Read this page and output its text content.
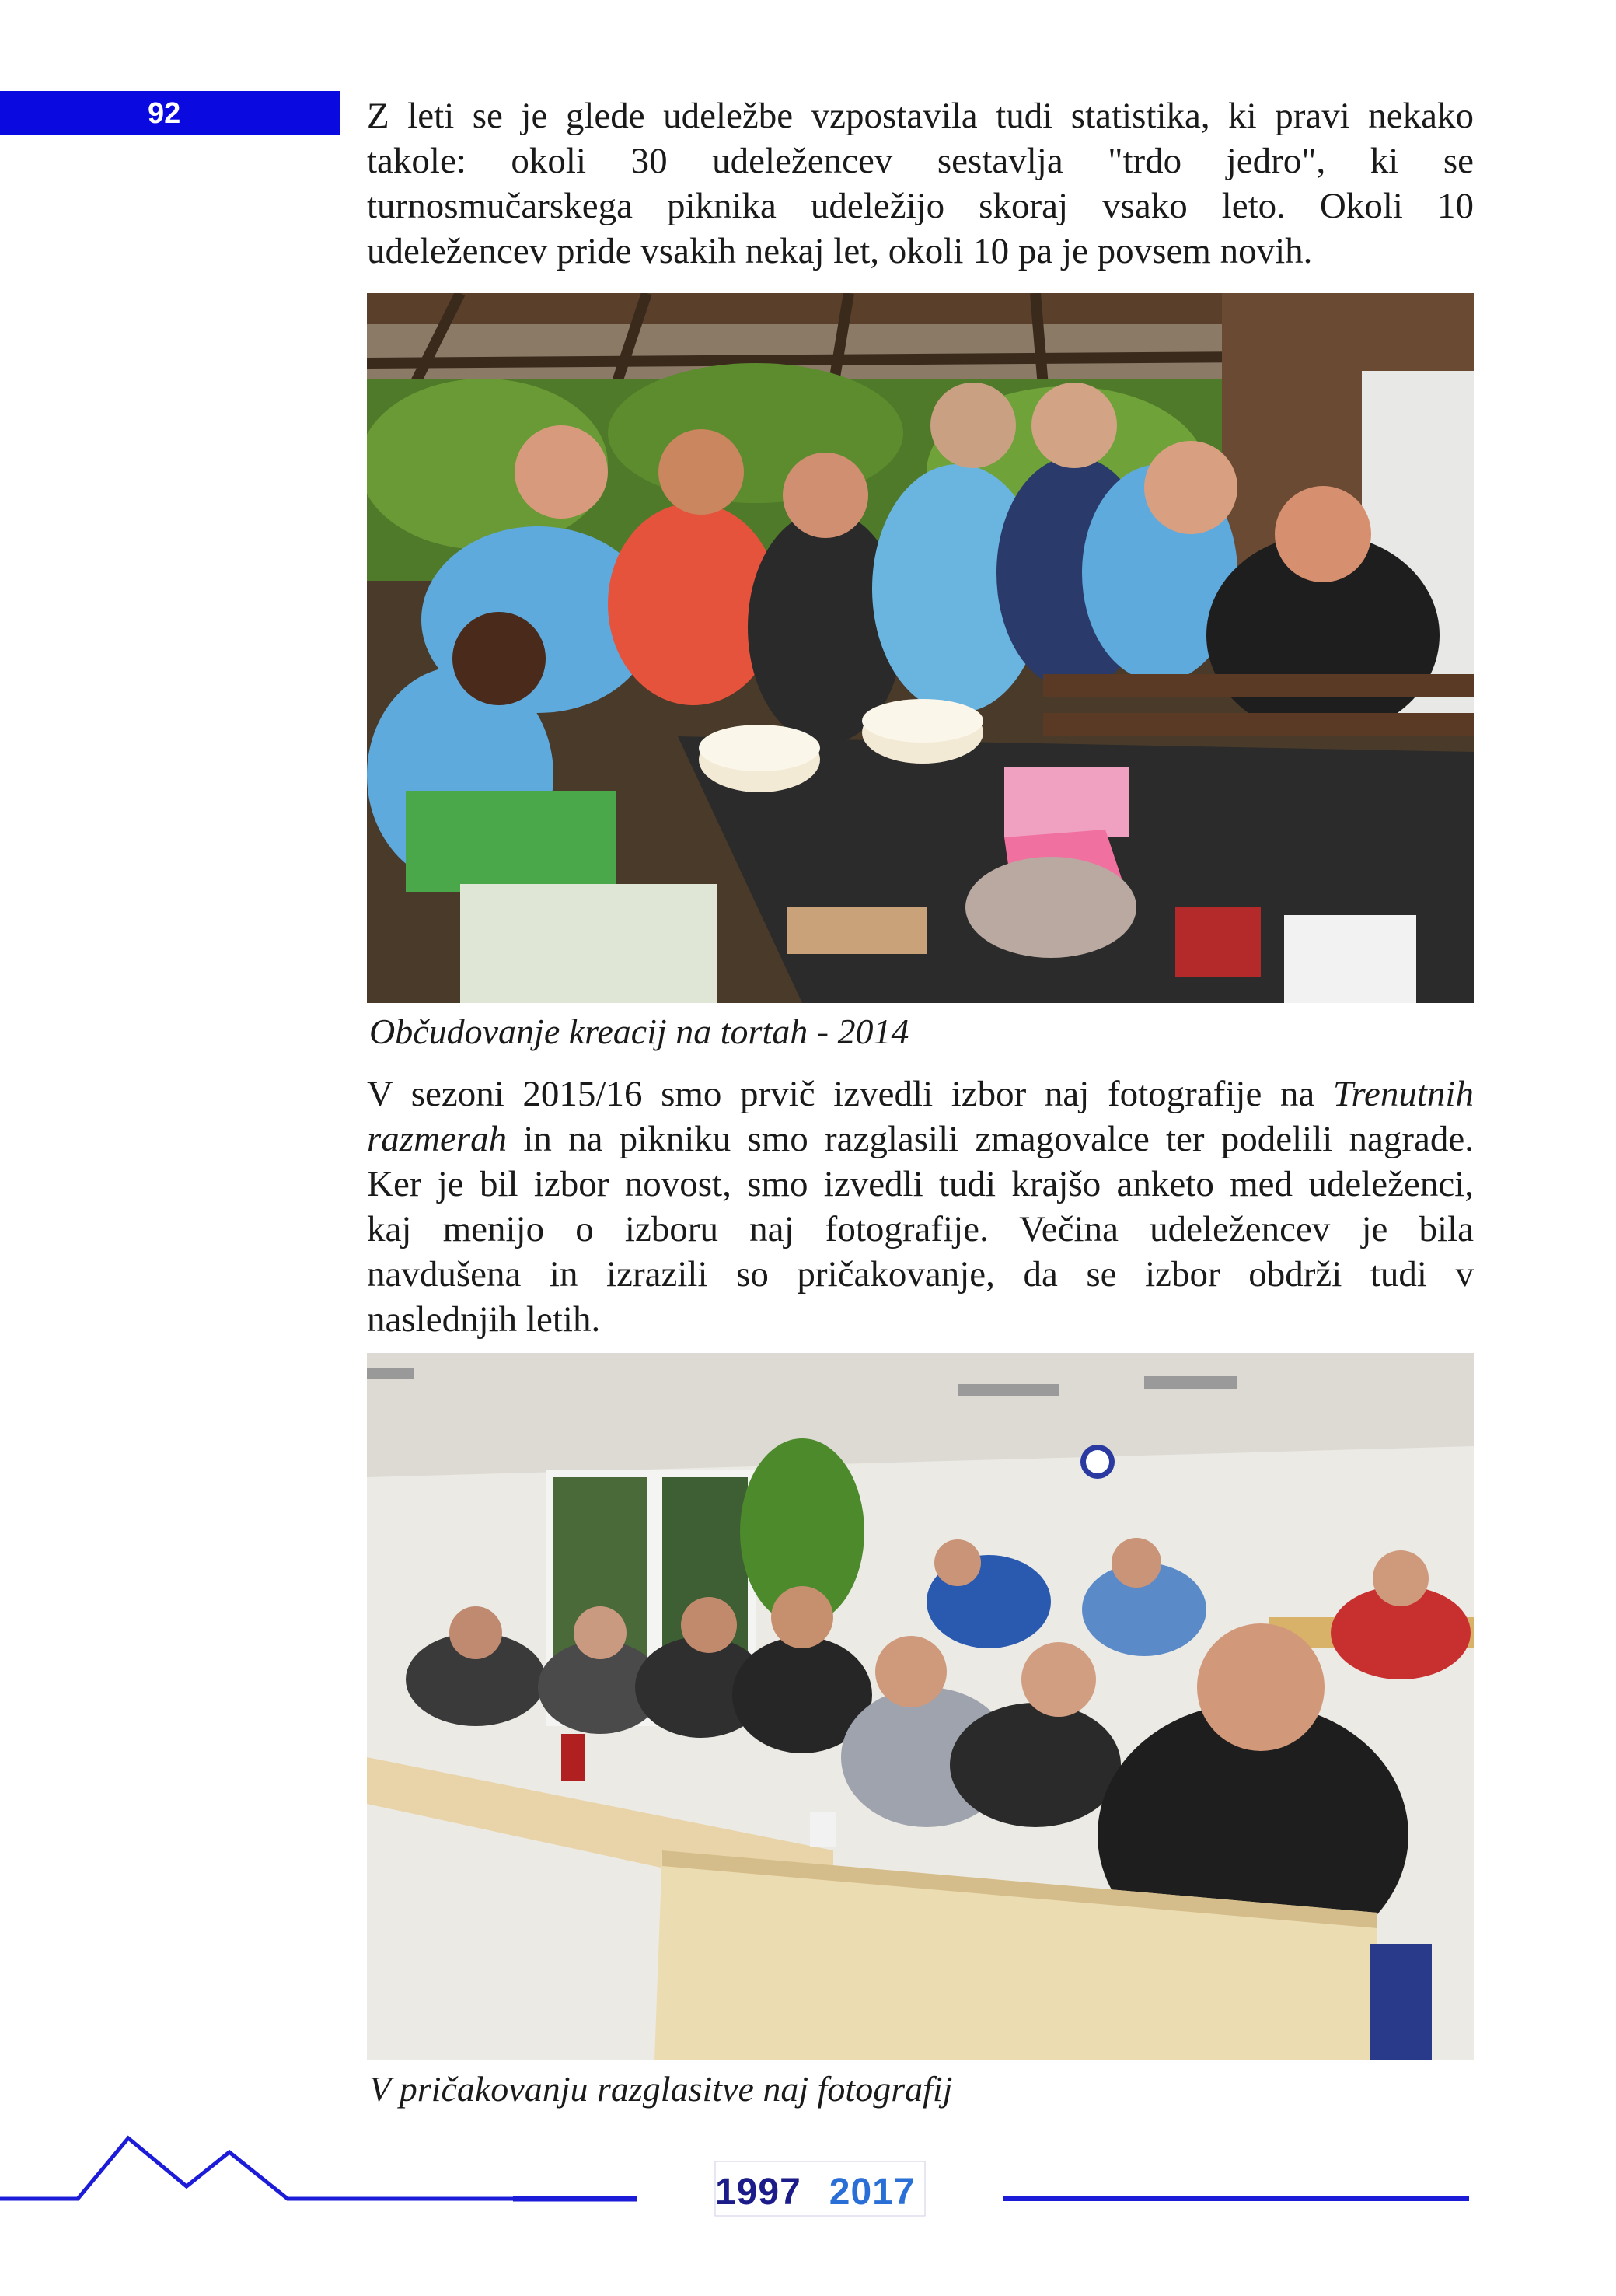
92	Z leti se je glede udeležbe vzpostavila tudi statistika, ki pravi nekako
takole: okoli 30 udeležencev sestavlja "trdo jedro", ki se
turnosmučarskega piknika udeležijo skoraj vsako leto. Okoli 10
udeležencev pride vsakih nekaj let, okoli 10 pa je povsem novih.

Občudovanje kreacij na tortah - 2014

V sezoni 2015/16 smo prvič izvedli izbor naj fotografije na Trenutnih
razmerah in na pikniku smo razglasili zmagovalce ter podelili nagrade.
Ker je bil izbor novost, smo izvedli tudi krajšo anketo med udeleženci,
kaj menijo o izboru naj fotografije. Večina udeležencev je bila
navdušena in izrazili so pričakovanje, da se izbor obdrži tudi v
naslednjih letih.

V pričakovanju razglasitve naj fotografij
1997 2017
